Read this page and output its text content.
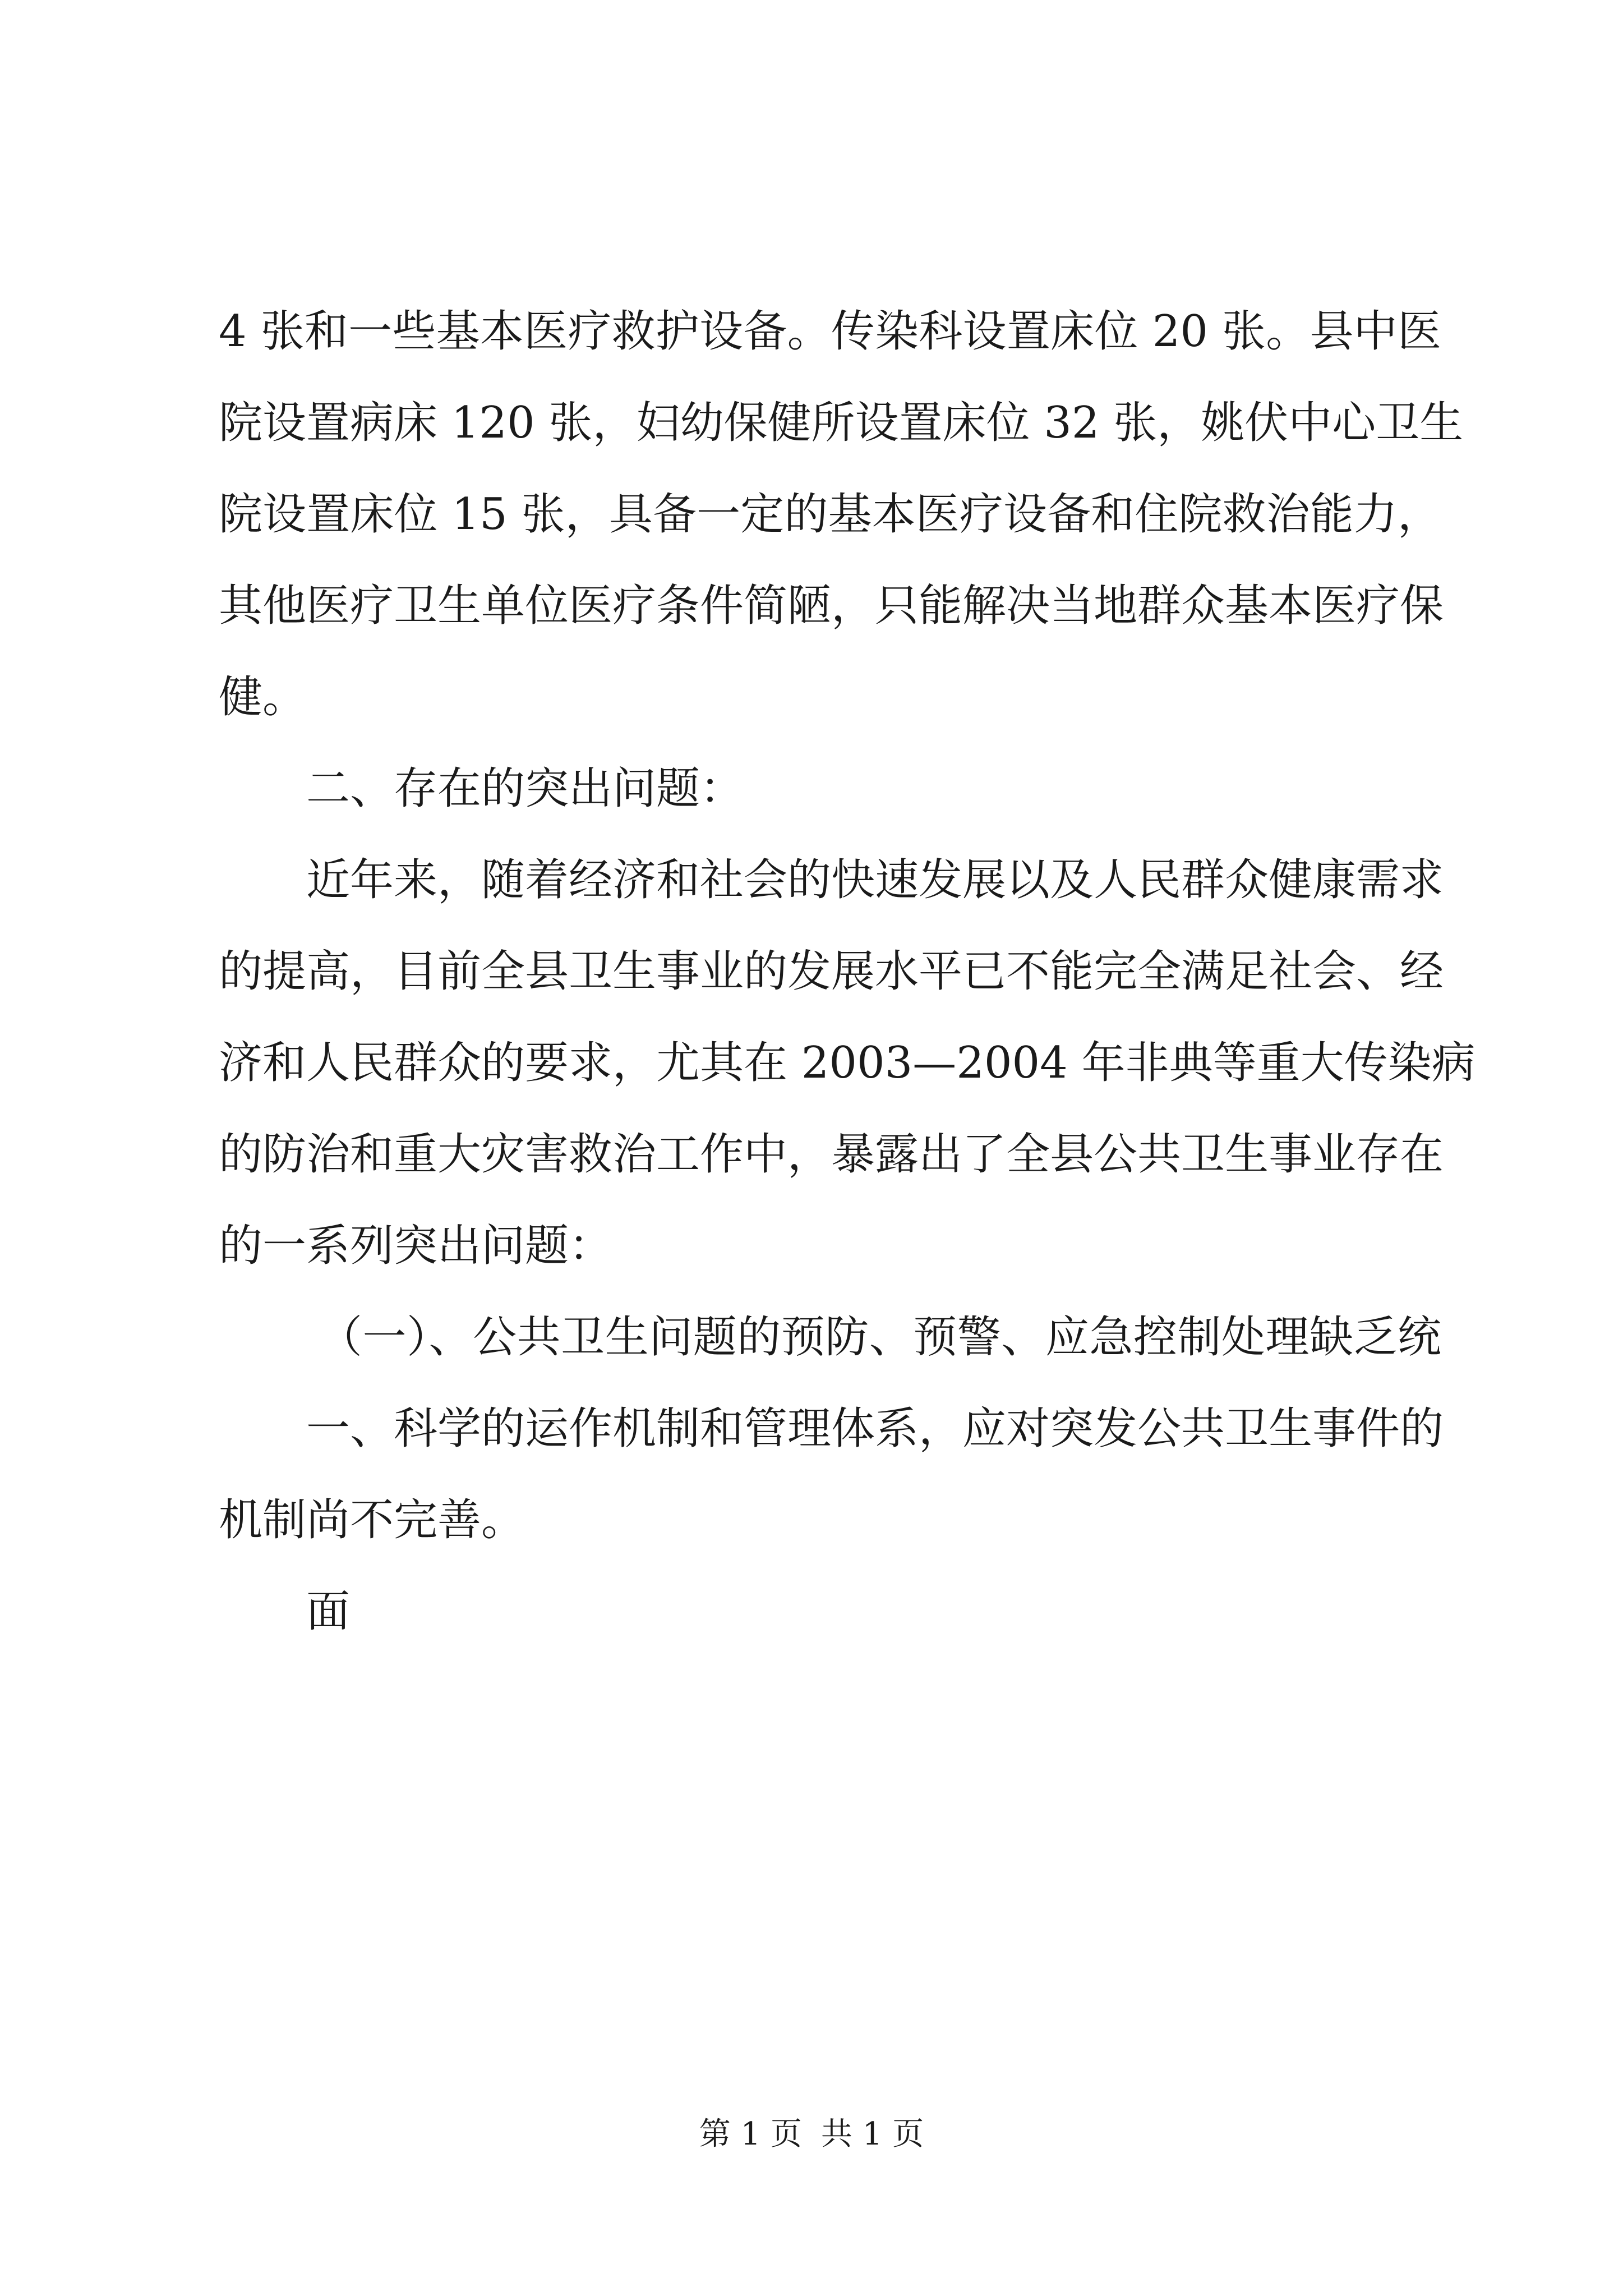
4 张和一些基本医疗救护设备。传染科设置床位 20 张。县中医
院设置病床 120 张，妇幼保健所设置床位 32 张，姚伏中心卫生
院设置床位 15 张，具备一定的基本医疗设备和住院救治能力，
其他医疗卫生单位医疗条件简陋，只能解决当地群众基本医疗保
健。
二、存在的突出问题：
近年来，随着经济和社会的快速发展以及人民群众健康需求
的提高，目前全县卫生事业的发展水平已不能完全满足社会、经
济和人民群众的要求，尤其在 2003—2004 年非典等重大传染病
的防治和重大灾害救治工作中，暴露出了全县公共卫生事业存在
的一系列突出问题：
（一）、公共卫生问题的预防、预警、应急控制处理缺乏统
一、科学的运作机制和管理体系，应对突发公共卫生事件的
机制尚不完善。
面
第 1 页 共 1 页
